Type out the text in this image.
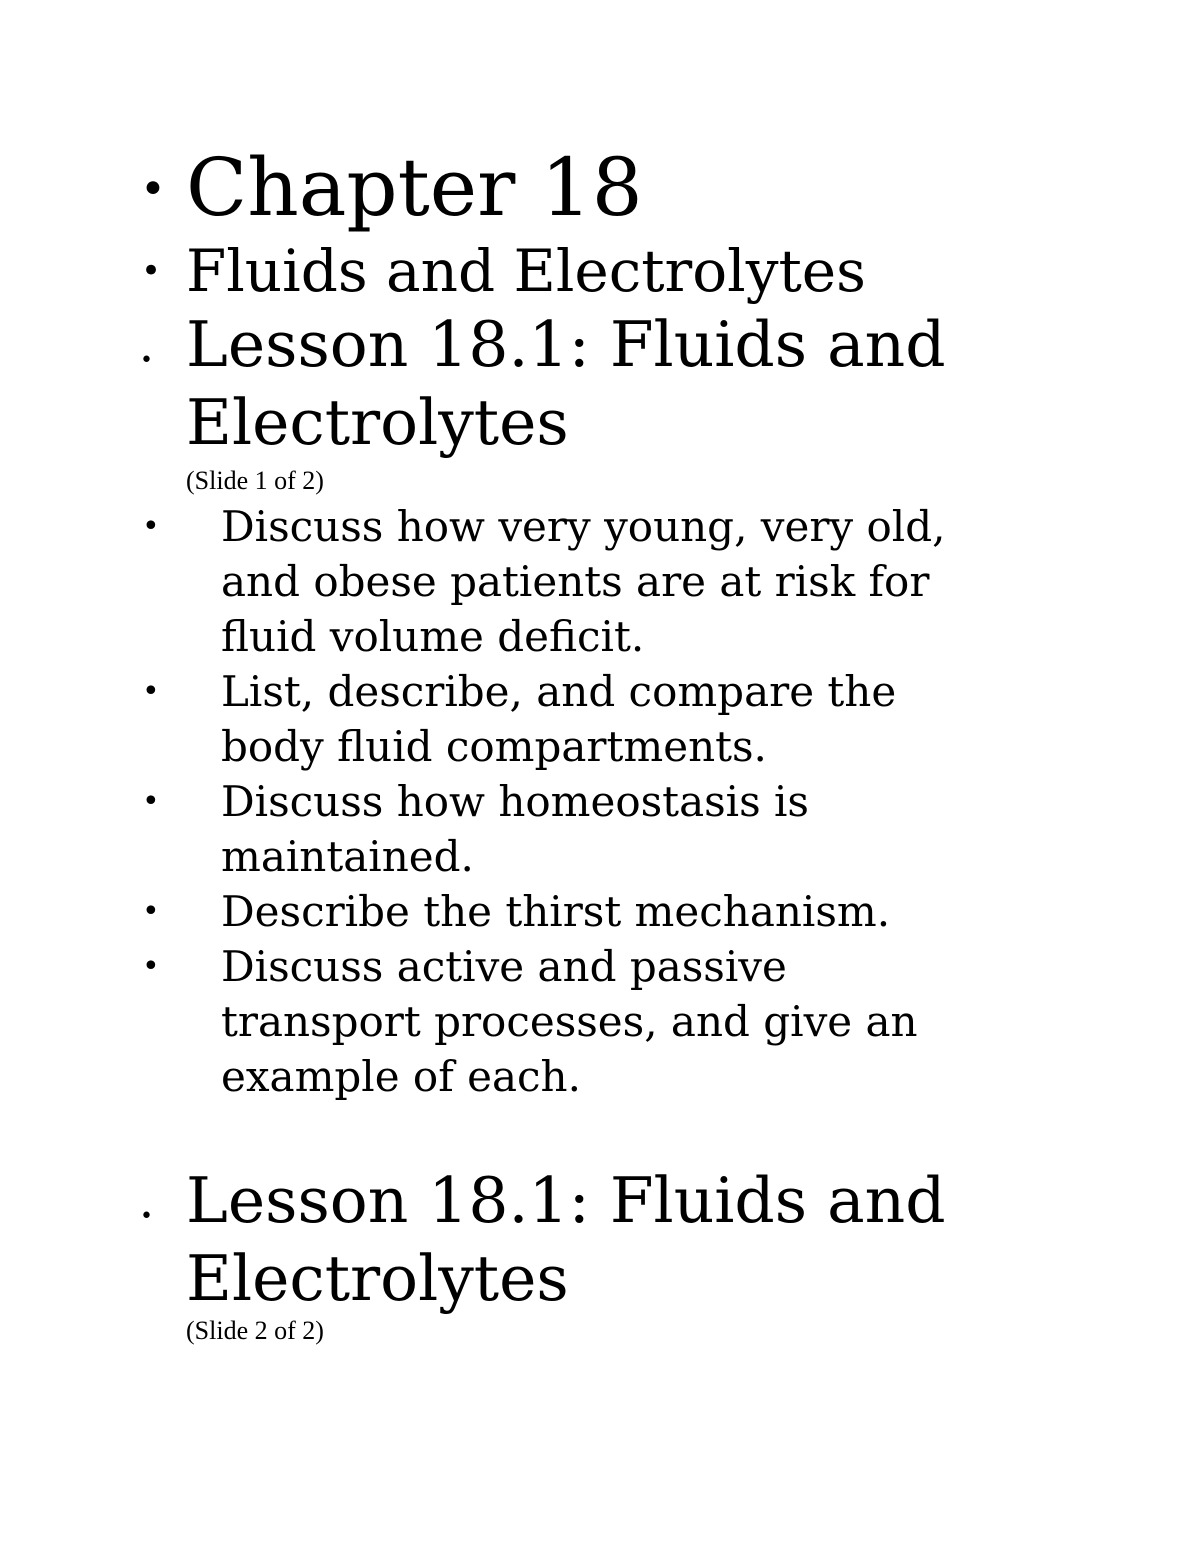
• Chapter 18
• Fluids and Electrolytes
• Lesson 18.1: Fluids and
Electrolytes
(Slide 1 of 2)
• Discuss how very young, very old,
and obese patients are at risk for
fluid volume deficit.
• List, describe, and compare the
body fluid compartments.
• Discuss how homeostasis is
maintained.
• Describe the thirst mechanism.
• Discuss active and passive
transport processes, and give an
example of each.
• Lesson 18.1: Fluids and
Electrolytes
(Slide 2 of 2)
